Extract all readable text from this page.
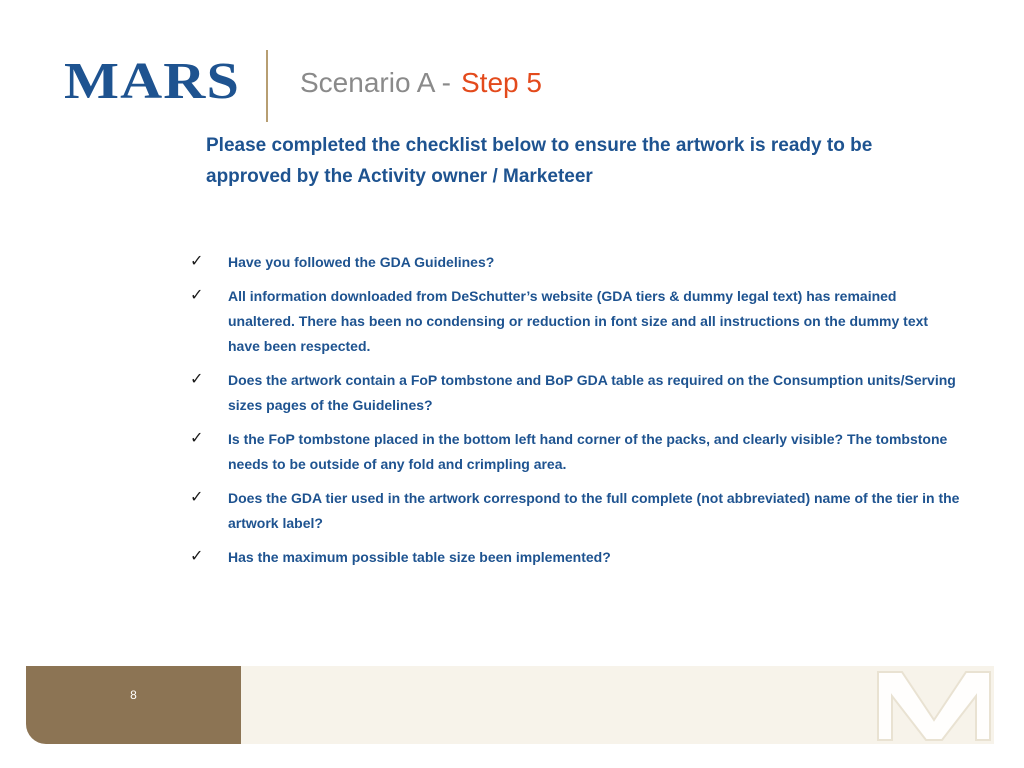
MARS Scenario A - Step 5
Please completed the checklist below to ensure the artwork is ready to be approved by the Activity owner / Marketeer
✓ Have you followed the GDA Guidelines?
✓ All information downloaded from DeSchutter’s website (GDA tiers & dummy legal text) has remained unaltered. There has been no condensing or reduction in font size and all instructions on the dummy text have been respected.
✓ Does the artwork contain a FoP tombstone and BoP GDA table as required on the Consumption units/Serving sizes pages of the Guidelines?
✓ Is the FoP tombstone placed in the bottom left hand corner of the packs, and clearly visible? The tombstone needs to be outside of any fold and crimpling area.
✓ Does the GDA tier used in the artwork correspond to the full complete (not abbreviated) name of the tier in the artwork label?
✓ Has the maximum possible table size been implemented?
8
